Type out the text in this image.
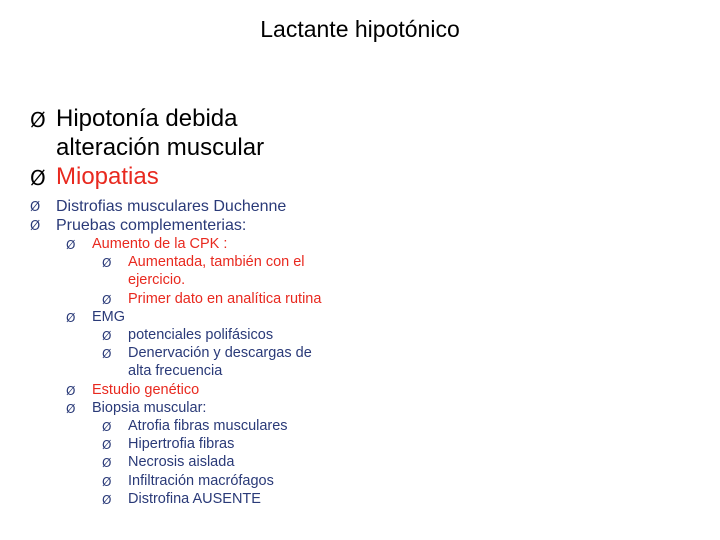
Lactante hipotónico
Ø Hipotonía debida alteración muscular
Ø Miopatias
Ø Distrofias musculares Duchenne
Ø Pruebas complementerias:
Ø Aumento de la CPK :
Ø Aumentada, también con el ejercicio.
Ø Primer dato en analítica rutina
Ø EMG
Ø potenciales polifásicos
Ø Denervación y descargas de alta frecuencia
Ø Estudio genético
Ø Biopsia muscular:
Ø Atrofia fibras musculares
Ø Hipertrofia fibras
Ø Necrosis aislada
Ø Infiltración macrófagos
Ø Distrofina AUSENTE
